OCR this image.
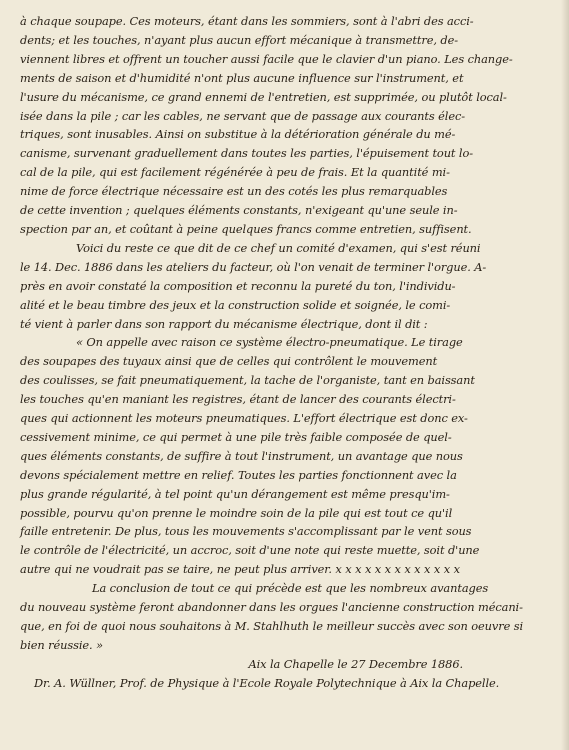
à chaque soupape. Ces moteurs, étant dans les sommiers, sont à l'abri des acci-
dents; et les touches, n'ayant plus aucun effort mécanique à transmettre, de-
viennent libres et offrent un toucher aussi facile que le clavier d'un piano. Les change-
ments de saison et d'humidité n'ont plus aucune influence sur l'instrument, et
l'usure du mécanisme, ce grand ennemi de l'entretien, est supprimée, ou plutôt local-
isée dans la pile ; car les cables, ne servant que de passage aux courants élec-
triques, sont inusables. Ainsi on substitue à la détérioration générale du mé-
canisme, survenant graduellement dans toutes les parties, l'épuisement tout lo-
cal de la pile, qui est facilement régénérée à peu de frais. Et la quantité mi-
nime de force électrique nécessaire est un des cotés les plus remarquables
de cette invention ; quelques éléments constants, n'exigeant qu'une seule in-
spection par an, et coûtant à peine quelques francs comme entretien, suffisent.
Voici du reste ce que dit de ce chef un comité d'examen, qui s'est réuni
le 14. Dec. 1886 dans les ateliers du facteur, où l'on venait de terminer l'orgue. A-
près en avoir constaté la composition et reconnu la pureté du ton, l'individu-
alité et le beau timbre des jeux et la construction solide et soignée, le comi-
té vient à parler dans son rapport du mécanisme électrique, dont il dit :
« On appelle avec raison ce système électro-pneumatique. Le tirage
des soupapes des tuyaux ainsi que de celles qui contrôlent le mouvement
des coulisses, se fait pneumatiquement, la tache de l'organiste, tant en baissant
les touches qu'en maniant les registres, étant de lancer des courants électri-
ques qui actionnent les moteurs pneumatiques. L'effort électrique est donc ex-
cessivement minime, ce qui permet à une pile très faible composée de quel-
ques éléments constants, de suffire à tout l'instrument, un avantage que nous
devons spécialement mettre en relief. Toutes les parties fonctionnent avec la
plus grande régularité, à tel point qu'un dérangement est même presqu'im-
possible, pourvu qu'on prenne le moindre soin de la pile qui est tout ce qu'il
faille entretenir. De plus, tous les mouvements s'accomplissant par le vent sous
le contrôle de l'électricité, un accroc, soit d'une note qui reste muette, soit d'une
autre qui ne voudrait pas se taire, ne peut plus arriver. x x x x x x x x x x x x x
La conclusion de tout ce qui précède est que les nombreux avantages
du nouveau système feront abandonner dans les orgues l'ancienne construction mécani-
que, en foi de quoi nous souhaitons à M. Stahlhuth le meilleur succès avec son oeuvre si
bien réussie. »
Aix la Chapelle le 27 Decembre 1886.
Dr. A. Wüllner, Prof. de Physique à l'Ecole Royale Polytechnique à Aix la Chapelle.
